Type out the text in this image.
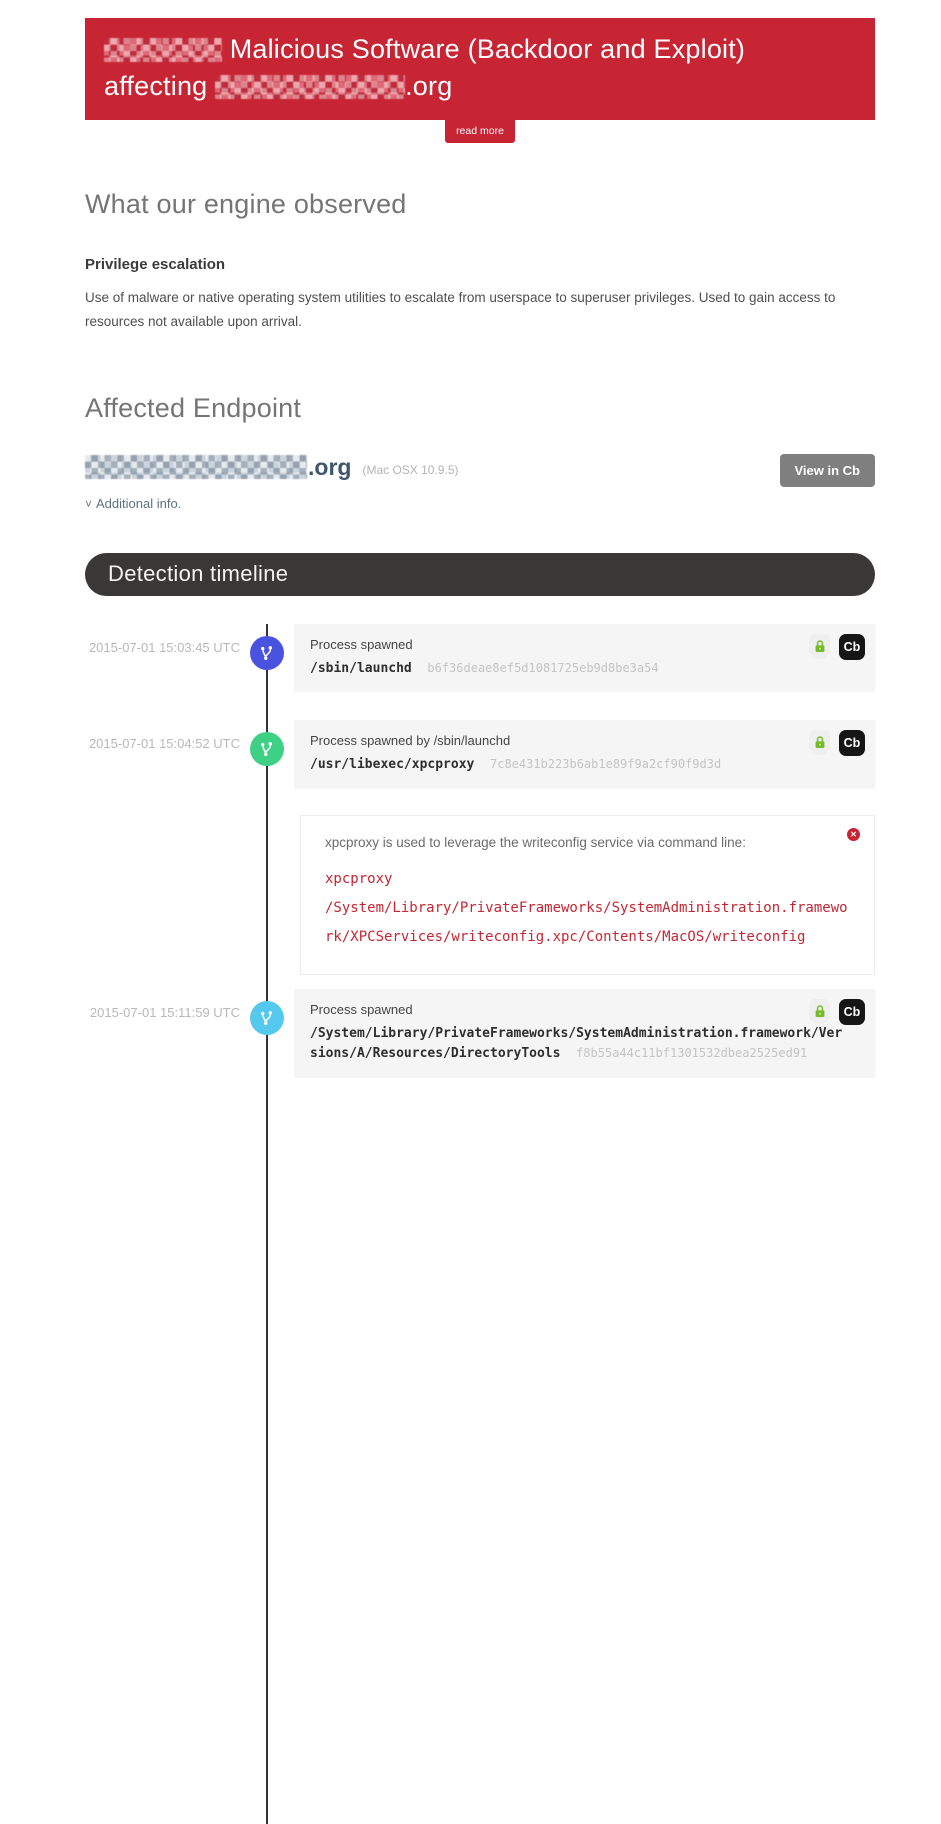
Malicious Software (Backdoor and Exploit)
affecting	.org
read more
What our engine observed
Privilege escalation

Use of malware or native operating system utilities to escalate from userspace to superuser privileges. Used to gain access to resources not available upon arrival.

Affected Endpoint
.org (Mac OSX 10.9.5)	View in Cb
˅ Additional info.
Detection timeline
2015-07-01 15:03:45 UTC	Cb
Process spawned
/sbin/launchd b6f36deae8ef5d1081725eb9d8be3a54
2015-07-01 15:04:52 UTC	Cb
Process spawned by /sbin/launchd
/usr/libexec/xpcproxy 7c8e431b223b6ab1e89f9a2cf90f9d3d
✕
xpcproxy is used to leverage the writeconfig service via command line:
xpcproxy /System/Library/PrivateFrameworks/SystemAdministration.framework/XPCServices/writeconfig.xpc/Contents/MacOS/writeconfig
2015-07-01 15:11:59 UTC	Cb
Process spawned
/System/Library/PrivateFrameworks/SystemAdministration.framework/Versions/A/Resources/DirectoryTools f8b55a44c11bf1301532dbea2525ed91
